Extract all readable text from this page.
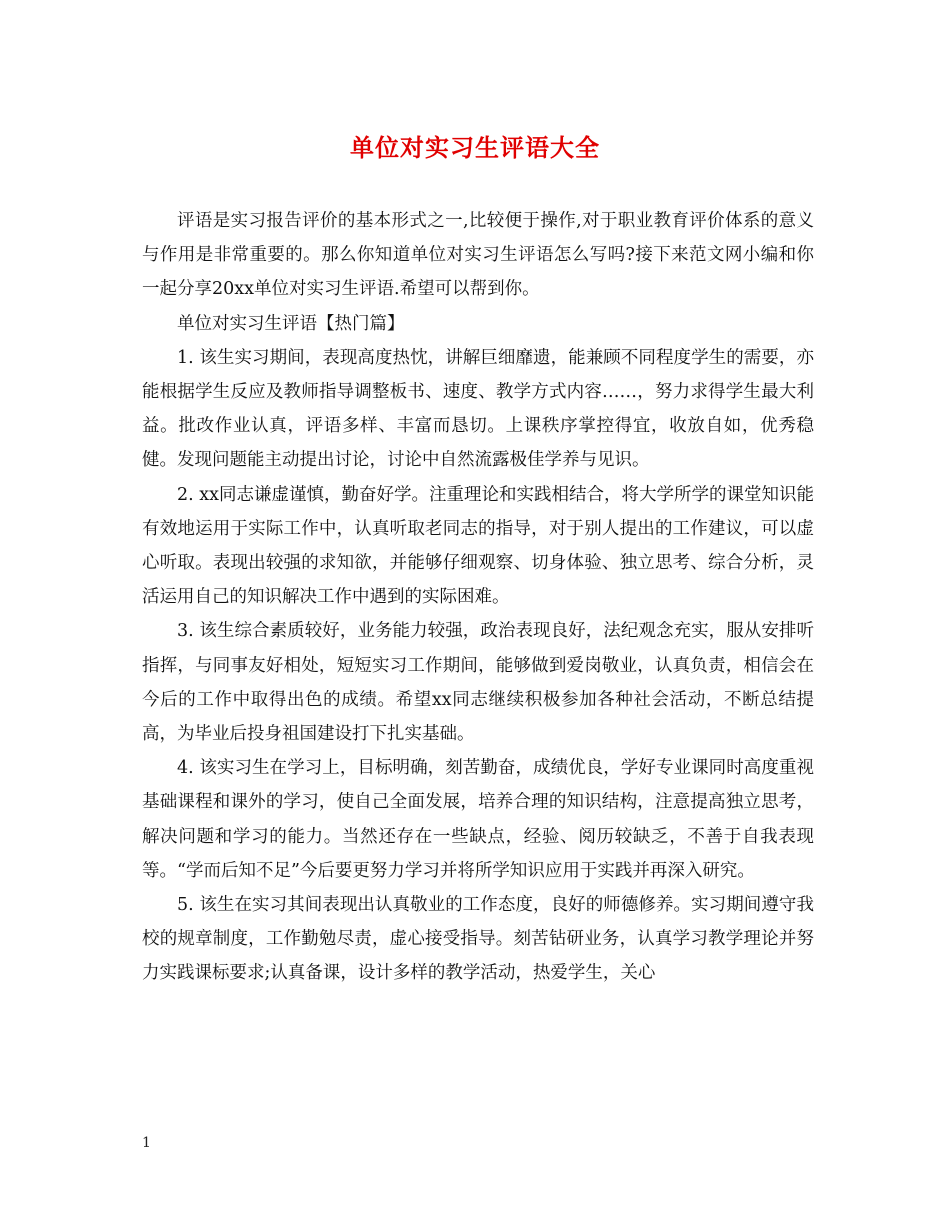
单位对实习生评语大全

评语是实习报告评价的基本形式之一,比较便于操作,对于职业教育评价体系的意义与作用是非常重要的。那么你知道单位对实习生评语怎么写吗?接下来范文网小编和你一起分享20xx单位对实习生评语.希望可以帮到你。

单位对实习生评语【热门篇】

1. 该生实习期间，表现高度热忱，讲解巨细靡遗，能兼顾不同程度学生的需要，亦能根据学生反应及教师指导调整板书、速度、教学方式内容……，努力求得学生最大利益。批改作业认真，评语多样、丰富而恳切。上课秩序掌控得宜，收放自如，优秀稳健。发现问题能主动提出讨论，讨论中自然流露极佳学养与见识。

2. xx同志谦虚谨慎，勤奋好学。注重理论和实践相结合，将大学所学的课堂知识能有效地运用于实际工作中，认真听取老同志的指导，对于别人提出的工作建议，可以虚心听取。表现出较强的求知欲，并能够仔细观察、切身体验、独立思考、综合分析，灵活运用自己的知识解决工作中遇到的实际困难。

3. 该生综合素质较好，业务能力较强，政治表现良好，法纪观念充实，服从安排听指挥，与同事友好相处，短短实习工作期间，能够做到爱岗敬业，认真负责，相信会在今后的工作中取得出色的成绩。希望xx同志继续积极参加各种社会活动，不断总结提高，为毕业后投身祖国建设打下扎实基础。

4. 该实习生在学习上，目标明确，刻苦勤奋，成绩优良，学好专业课同时高度重视基础课程和课外的学习，使自己全面发展，培养合理的知识结构，注意提高独立思考，解决问题和学习的能力。当然还存在一些缺点，经验、阅历较缺乏，不善于自我表现等。“学而后知不足”今后要更努力学习并将所学知识应用于实践并再深入研究。

5. 该生在实习其间表现出认真敬业的工作态度，良好的师德修养。实习期间遵守我校的规章制度，工作勤勉尽责，虚心接受指导。刻苦钻研业务，认真学习教学理论并努力实践课标要求;认真备课，设计多样的教学活动，热爱学生，关心

1
